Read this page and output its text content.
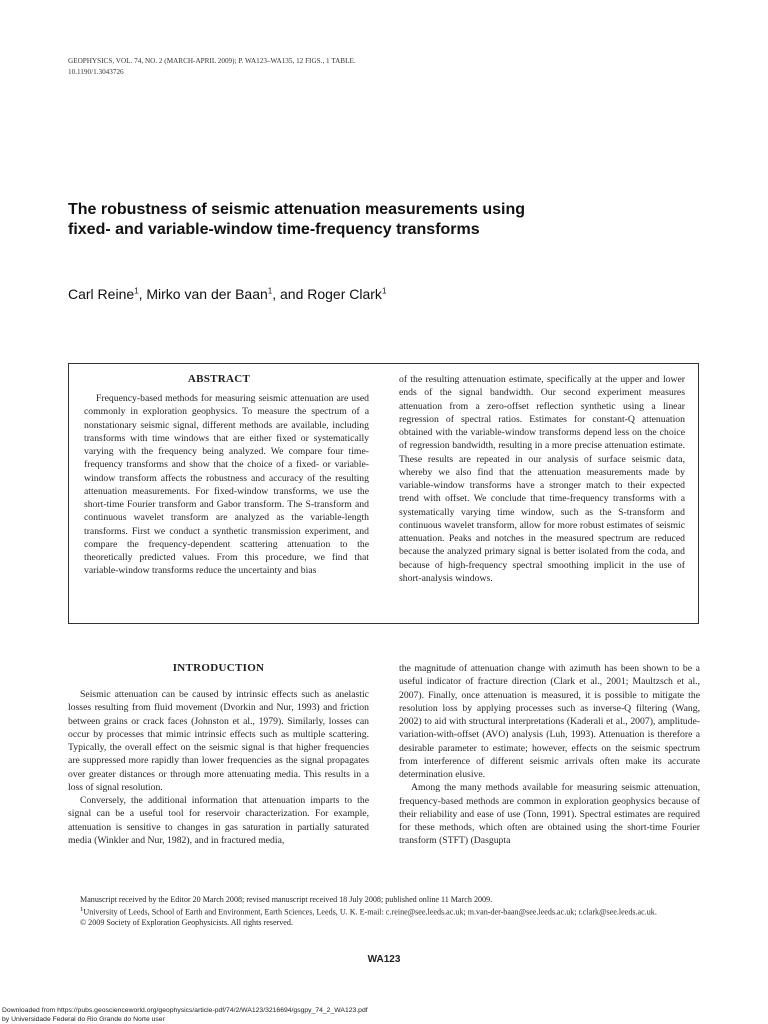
GEOPHYSICS, VOL. 74, NO. 2 (MARCH-APRIL 2009); P. WA123–WA135, 12 FIGS., 1 TABLE.
10.1190/1.3043726
The robustness of seismic attenuation measurements using
fixed- and variable-window time-frequency transforms
Carl Reine$^1$, Mirko van der Baan$^1$, and Roger Clark$^1$
ABSTRACT

Frequency-based methods for measuring seismic attenuation are used commonly in exploration geophysics. To measure the spectrum of a nonstationary seismic signal, different methods are available, including transforms with time windows that are either fixed or systematically varying with the frequency being analyzed. We compare four time-frequency transforms and show that the choice of a fixed- or variable-window transform affects the robustness and accuracy of the resulting attenuation measurements. For fixed-window transforms, we use the short-time Fourier transform and Gabor transform. The S-transform and continuous wavelet transform are analyzed as the variable-length transforms. First we conduct a synthetic transmission experiment, and compare the frequency-dependent scattering attenuation to the theoretically predicted values. From this procedure, we find that variable-window transforms reduce the uncertainty and bias

of the resulting attenuation estimate, specifically at the upper and lower ends of the signal bandwidth. Our second experiment measures attenuation from a zero-offset reflection synthetic using a linear regression of spectral ratios. Estimates for constant-Q attenuation obtained with the variable-window transforms depend less on the choice of regression bandwidth, resulting in a more precise attenuation estimate. These results are repeated in our analysis of surface seismic data, whereby we also find that the attenuation measurements made by variable-window transforms have a stronger match to their expected trend with offset. We conclude that time-frequency transforms with a systematically varying time window, such as the S-transform and continuous wavelet transform, allow for more robust estimates of seismic attenuation. Peaks and notches in the measured spectrum are reduced because the analyzed primary signal is better isolated from the coda, and because of high-frequency spectral smoothing implicit in the use of short-analysis windows.

INTRODUCTION

Seismic attenuation can be caused by intrinsic effects such as anelastic losses resulting from fluid movement (Dvorkin and Nur, 1993) and friction between grains or crack faces (Johnston et al., 1979). Similarly, losses can occur by processes that mimic intrinsic effects such as multiple scattering. Typically, the overall effect on the seismic signal is that higher frequencies are suppressed more rapidly than lower frequencies as the signal propagates over greater distances or through more attenuating media. This results in a loss of signal resolution.

Conversely, the additional information that attenuation imparts to the signal can be a useful tool for reservoir characterization. For example, attenuation is sensitive to changes in gas saturation in partially saturated media (Winkler and Nur, 1982), and in fractured media,

the magnitude of attenuation change with azimuth has been shown to be a useful indicator of fracture direction (Clark et al., 2001; Maultzsch et al., 2007). Finally, once attenuation is measured, it is possible to mitigate the resolution loss by applying processes such as inverse-Q filtering (Wang, 2002) to aid with structural interpretations (Kaderali et al., 2007), amplitude-variation-with-offset (AVO) analysis (Luh, 1993). Attenuation is therefore a desirable parameter to estimate; however, effects on the seismic spectrum from interference of different seismic arrivals often make its accurate determination elusive.

Among the many methods available for measuring seismic attenuation, frequency-based methods are common in exploration geophysics because of their reliability and ease of use (Tonn, 1991). Spectral estimates are required for these methods, which often are obtained using the short-time Fourier transform (STFT) (Dasgupta

Manuscript received by the Editor 20 March 2008; revised manuscript received 18 July 2008; published online 11 March 2009.
$^1$University of Leeds, School of Earth and Environment, Earth Sciences, Leeds, U. K. E-mail: c.reine@see.leeds.ac.uk; m.van-der-baan@see.leeds.ac.uk; r.clark@see.leeds.ac.uk.
© 2009 Society of Exploration Geophysicists. All rights reserved.
WA123
Downloaded from https://pubs.geoscienceworld.org/geophysics/article-pdf/74/2/WA123/3216694/gsgpy_74_2_WA123.pdf
by Universidade Federal do Rio Grande do Norte user
